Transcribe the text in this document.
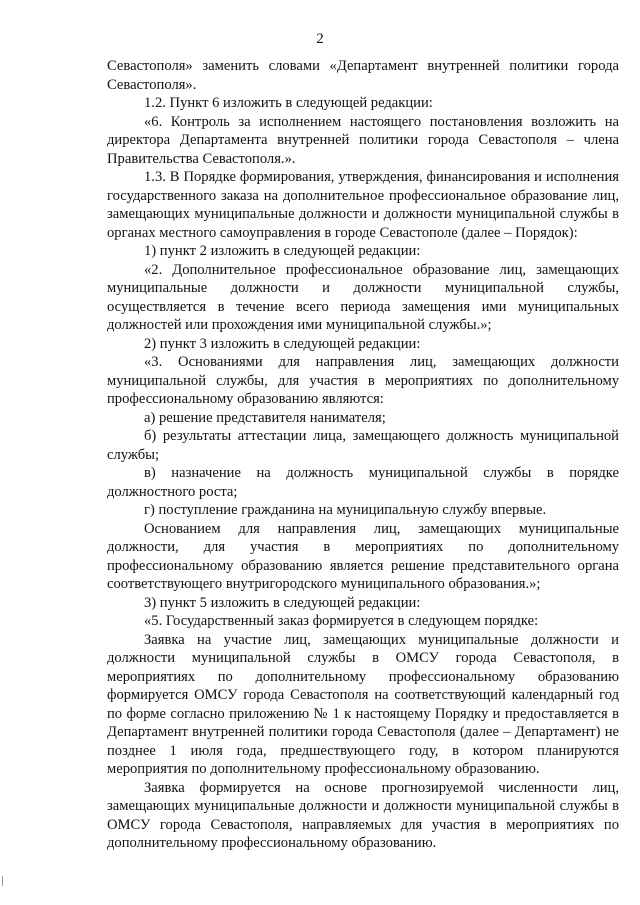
2

Севастополя» заменить словами «Департамент внутренней политики города Севастополя».

1.2. Пункт 6 изложить в следующей редакции:

«6. Контроль за исполнением настоящего постановления возложить на директора Департамента внутренней политики города Севастополя – члена Правительства Севастополя.».

1.3. В Порядке формирования, утверждения, финансирования и исполнения государственного заказа на дополнительное профессиональное образование лиц, замещающих муниципальные должности и должности муниципальной службы в органах местного самоуправления в городе Севастополе (далее – Порядок):

1) пункт 2 изложить в следующей редакции:

«2. Дополнительное профессиональное образование лиц, замещающих муниципальные должности и должности муниципальной службы, осуществляется в течение всего периода замещения ими муниципальных должностей или прохождения ими муниципальной службы.»;

2) пункт 3 изложить в следующей редакции:

«3. Основаниями для направления лиц, замещающих должности муниципальной службы, для участия в мероприятиях по дополнительному профессиональному образованию являются:

а) решение представителя нанимателя;

б) результаты аттестации лица, замещающего должность муниципальной службы;

в) назначение на должность муниципальной службы в порядке должностного роста;

г) поступление гражданина на муниципальную службу впервые.

Основанием для направления лиц, замещающих муниципальные должности, для участия в мероприятиях по дополнительному профессиональному образованию является решение представительного органа соответствующего внутригородского муниципального образования.»;

3) пункт 5 изложить в следующей редакции:

«5. Государственный заказ формируется в следующем порядке:

Заявка на участие лиц, замещающих муниципальные должности и должности муниципальной службы в ОМСУ города Севастополя, в мероприятиях по дополнительному профессиональному образованию формируется ОМСУ города Севастополя на соответствующий календарный год по форме согласно приложению № 1 к настоящему Порядку и предоставляется в Департамент внутренней политики города Севастополя (далее – Департамент) не позднее 1 июля года, предшествующего году, в котором планируются мероприятия по дополнительному профессиональному образованию.

Заявка формируется на основе прогнозируемой численности лиц, замещающих муниципальные должности и должности муниципальной службы в ОМСУ города Севастополя, направляемых для участия в мероприятиях по дополнительному профессиональному образованию.
